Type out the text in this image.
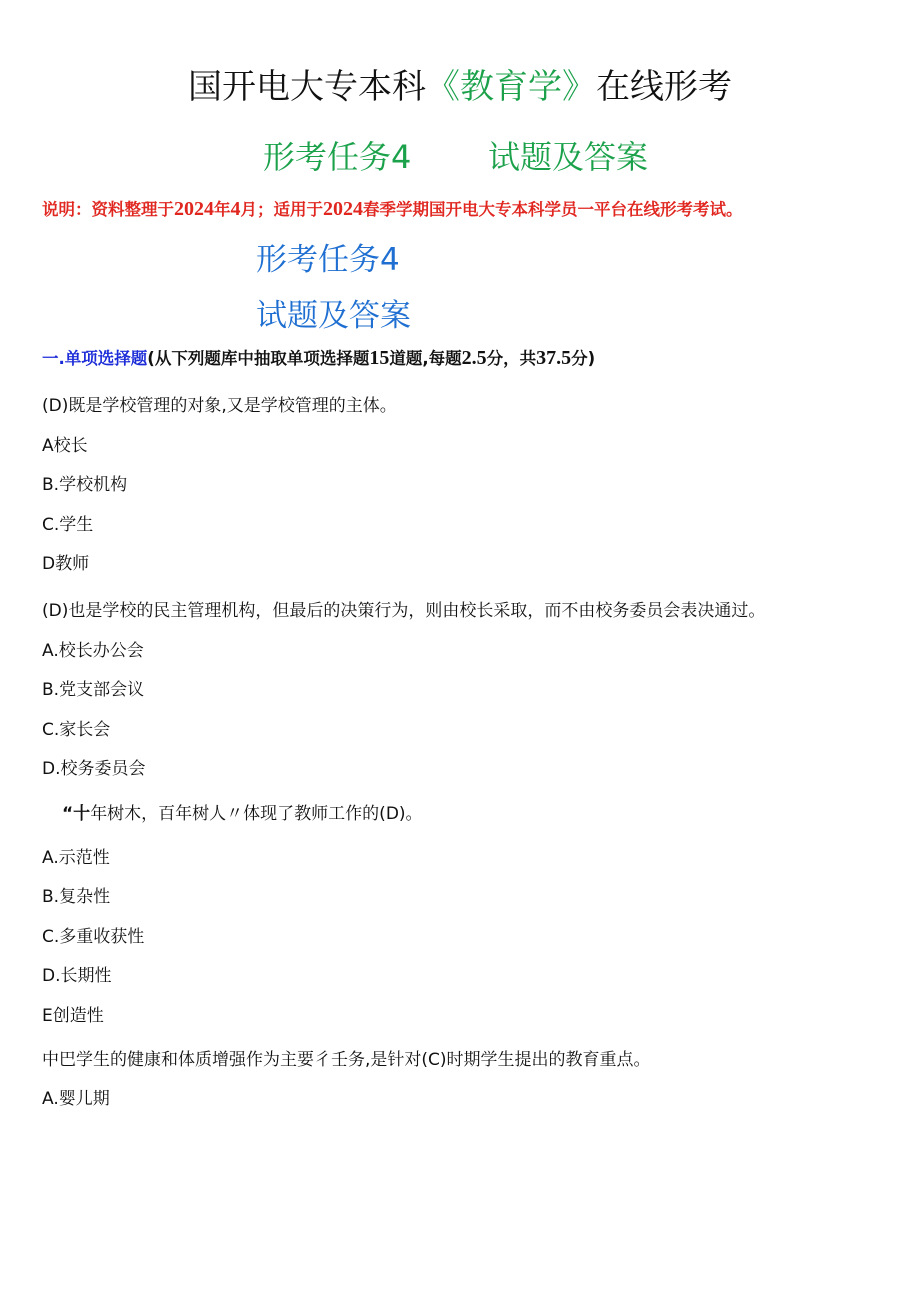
国开电大专本科《教育学》在线形考
形考任务4 试题及答案
说明：资料整理于2024年4月；适用于2024春季学期国开电大专本科学员一平台在线形考考试。
形考任务4
试题及答案
一.单项选择题(从下列题库中抽取单项选择题15道题,每题2.5分，共37.5分)
(D)既是学校管理的对象,又是学校管理的主体。
A校长
B.学校机构
C.学生
D教师
(D)也是学校的民主管理机构，但最后的决策行为，则由校长采取，而不由校务委员会表决通过。
A.校长办公会
B.党支部会议
C.家长会
D.校务委员会
“十年树木，百年树人〃体现了教师工作的(D)。
A.示范性
B.复杂性
C.多重收获性
D.长期性
E创造性
中巴学生的健康和体质增强作为主要彳壬务,是针对(C)时期学生提出的教育重点。
A.婴儿期
